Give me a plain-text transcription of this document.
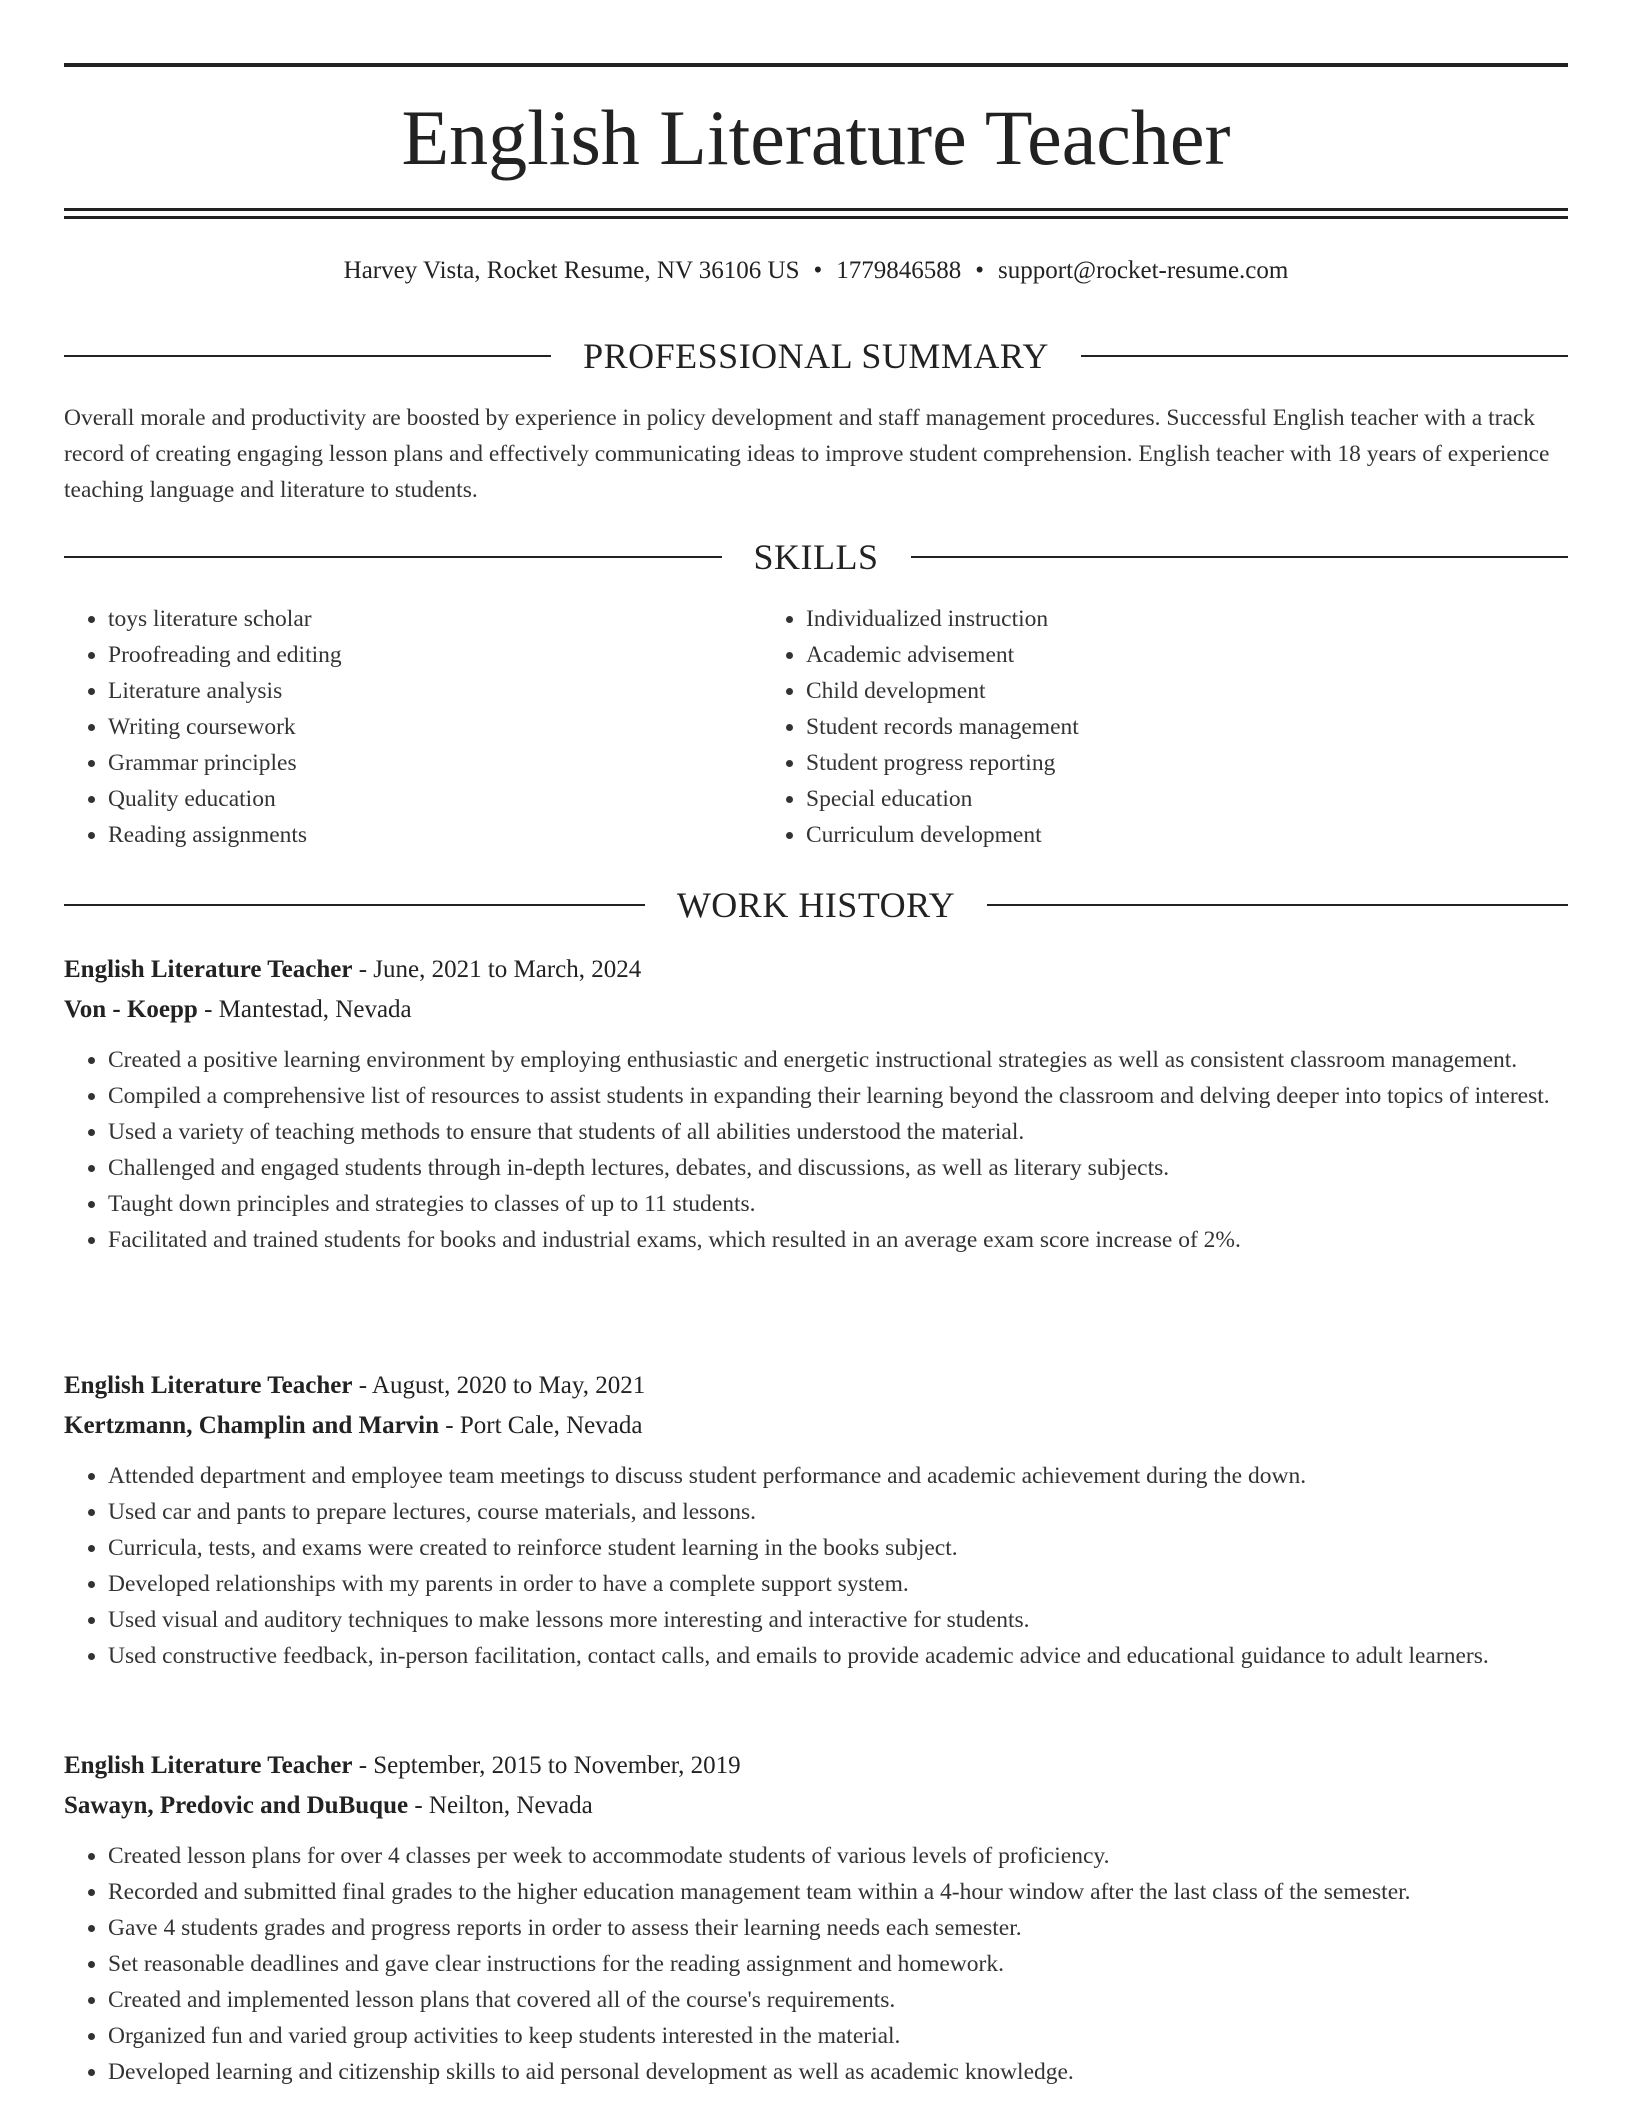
English Literature Teacher
Harvey Vista, Rocket Resume, NV 36106 US • 1779846588 • support@rocket-resume.com
PROFESSIONAL SUMMARY

Overall morale and productivity are boosted by experience in policy development and staff management procedures. Successful English teacher with a track record of creating engaging lesson plans and effectively communicating ideas to improve student comprehension. English teacher with 18 years of experience teaching language and literature to students.

SKILLS
• toys literature scholar
• Proofreading and editing
• Literature analysis
• Writing coursework
• Grammar principles
• Quality education
• Reading assignments
• Individualized instruction
• Academic advisement
• Child development
• Student records management
• Student progress reporting
• Special education
• Curriculum development
WORK HISTORY
English Literature Teacher - June, 2021 to March, 2024
Von - Koepp - Mantestad, Nevada
• Created a positive learning environment by employing enthusiastic and energetic instructional strategies as well as consistent classroom management.
• Compiled a comprehensive list of resources to assist students in expanding their learning beyond the classroom and delving deeper into topics of interest.
• Used a variety of teaching methods to ensure that students of all abilities understood the material.
• Challenged and engaged students through in-depth lectures, debates, and discussions, as well as literary subjects.
• Taught down principles and strategies to classes of up to 11 students.
• Facilitated and trained students for books and industrial exams, which resulted in an average exam score increase of 2%.
English Literature Teacher - August, 2020 to May, 2021
Kertzmann, Champlin and Marvin - Port Cale, Nevada
• Attended department and employee team meetings to discuss student performance and academic achievement during the down.
• Used car and pants to prepare lectures, course materials, and lessons.
• Curricula, tests, and exams were created to reinforce student learning in the books subject.
• Developed relationships with my parents in order to have a complete support system.
• Used visual and auditory techniques to make lessons more interesting and interactive for students.
• Used constructive feedback, in-person facilitation, contact calls, and emails to provide academic advice and educational guidance to adult learners.
English Literature Teacher - September, 2015 to November, 2019
Sawayn, Predovic and DuBuque - Neilton, Nevada
• Created lesson plans for over 4 classes per week to accommodate students of various levels of proficiency.
• Recorded and submitted final grades to the higher education management team within a 4-hour window after the last class of the semester.
• Gave 4 students grades and progress reports in order to assess their learning needs each semester.
• Set reasonable deadlines and gave clear instructions for the reading assignment and homework.
• Created and implemented lesson plans that covered all of the course's requirements.
• Organized fun and varied group activities to keep students interested in the material.
• Developed learning and citizenship skills to aid personal development as well as academic knowledge.
